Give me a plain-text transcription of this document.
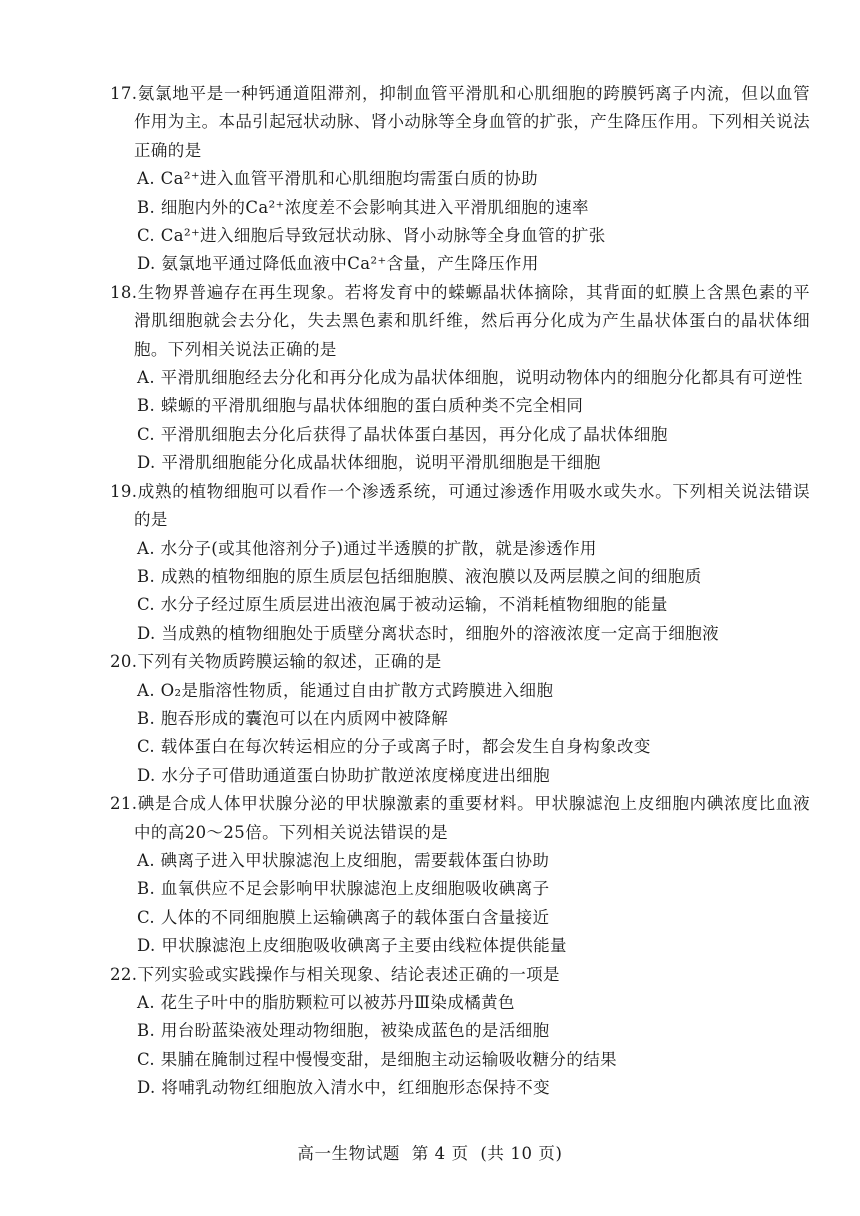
17.氨氯地平是一种钙通道阻滞剂，抑制血管平滑肌和心肌细胞的跨膜钙离子内流，但以血管作用为主。本品引起冠状动脉、肾小动脉等全身血管的扩张，产生降压作用。下列相关说法正确的是

A. Ca²⁺进入血管平滑肌和心肌细胞均需蛋白质的协助

B. 细胞内外的Ca²⁺浓度差不会影响其进入平滑肌细胞的速率

C. Ca²⁺进入细胞后导致冠状动脉、肾小动脉等全身血管的扩张

D. 氨氯地平通过降低血液中Ca²⁺含量，产生降压作用

18.生物界普遍存在再生现象。若将发育中的蝾螈晶状体摘除，其背面的虹膜上含黑色素的平滑肌细胞就会去分化，失去黑色素和肌纤维，然后再分化成为产生晶状体蛋白的晶状体细胞。下列相关说法正确的是

A. 平滑肌细胞经去分化和再分化成为晶状体细胞，说明动物体内的细胞分化都具有可逆性

B. 蝾螈的平滑肌细胞与晶状体细胞的蛋白质种类不完全相同

C. 平滑肌细胞去分化后获得了晶状体蛋白基因，再分化成了晶状体细胞

D. 平滑肌细胞能分化成晶状体细胞，说明平滑肌细胞是干细胞

19.成熟的植物细胞可以看作一个渗透系统，可通过渗透作用吸水或失水。下列相关说法错误的是

A. 水分子(或其他溶剂分子)通过半透膜的扩散，就是渗透作用

B. 成熟的植物细胞的原生质层包括细胞膜、液泡膜以及两层膜之间的细胞质

C. 水分子经过原生质层进出液泡属于被动运输，不消耗植物细胞的能量

D. 当成熟的植物细胞处于质壁分离状态时，细胞外的溶液浓度一定高于细胞液

20.下列有关物质跨膜运输的叙述，正确的是

A. O₂是脂溶性物质，能通过自由扩散方式跨膜进入细胞

B. 胞吞形成的囊泡可以在内质网中被降解

C. 载体蛋白在每次转运相应的分子或离子时，都会发生自身构象改变

D. 水分子可借助通道蛋白协助扩散逆浓度梯度进出细胞

21.碘是合成人体甲状腺分泌的甲状腺激素的重要材料。甲状腺滤泡上皮细胞内碘浓度比血液中的高20～25倍。下列相关说法错误的是

A. 碘离子进入甲状腺滤泡上皮细胞，需要载体蛋白协助

B. 血氧供应不足会影响甲状腺滤泡上皮细胞吸收碘离子

C. 人体的不同细胞膜上运输碘离子的载体蛋白含量接近

D. 甲状腺滤泡上皮细胞吸收碘离子主要由线粒体提供能量

22.下列实验或实践操作与相关现象、结论表述正确的一项是

A. 花生子叶中的脂肪颗粒可以被苏丹Ⅲ染成橘黄色

B. 用台盼蓝染液处理动物细胞，被染成蓝色的是活细胞

C. 果脯在腌制过程中慢慢变甜，是细胞主动运输吸收糖分的结果

D. 将哺乳动物红细胞放入清水中，红细胞形态保持不变

高一生物试题  第 4 页  (共 10 页)
